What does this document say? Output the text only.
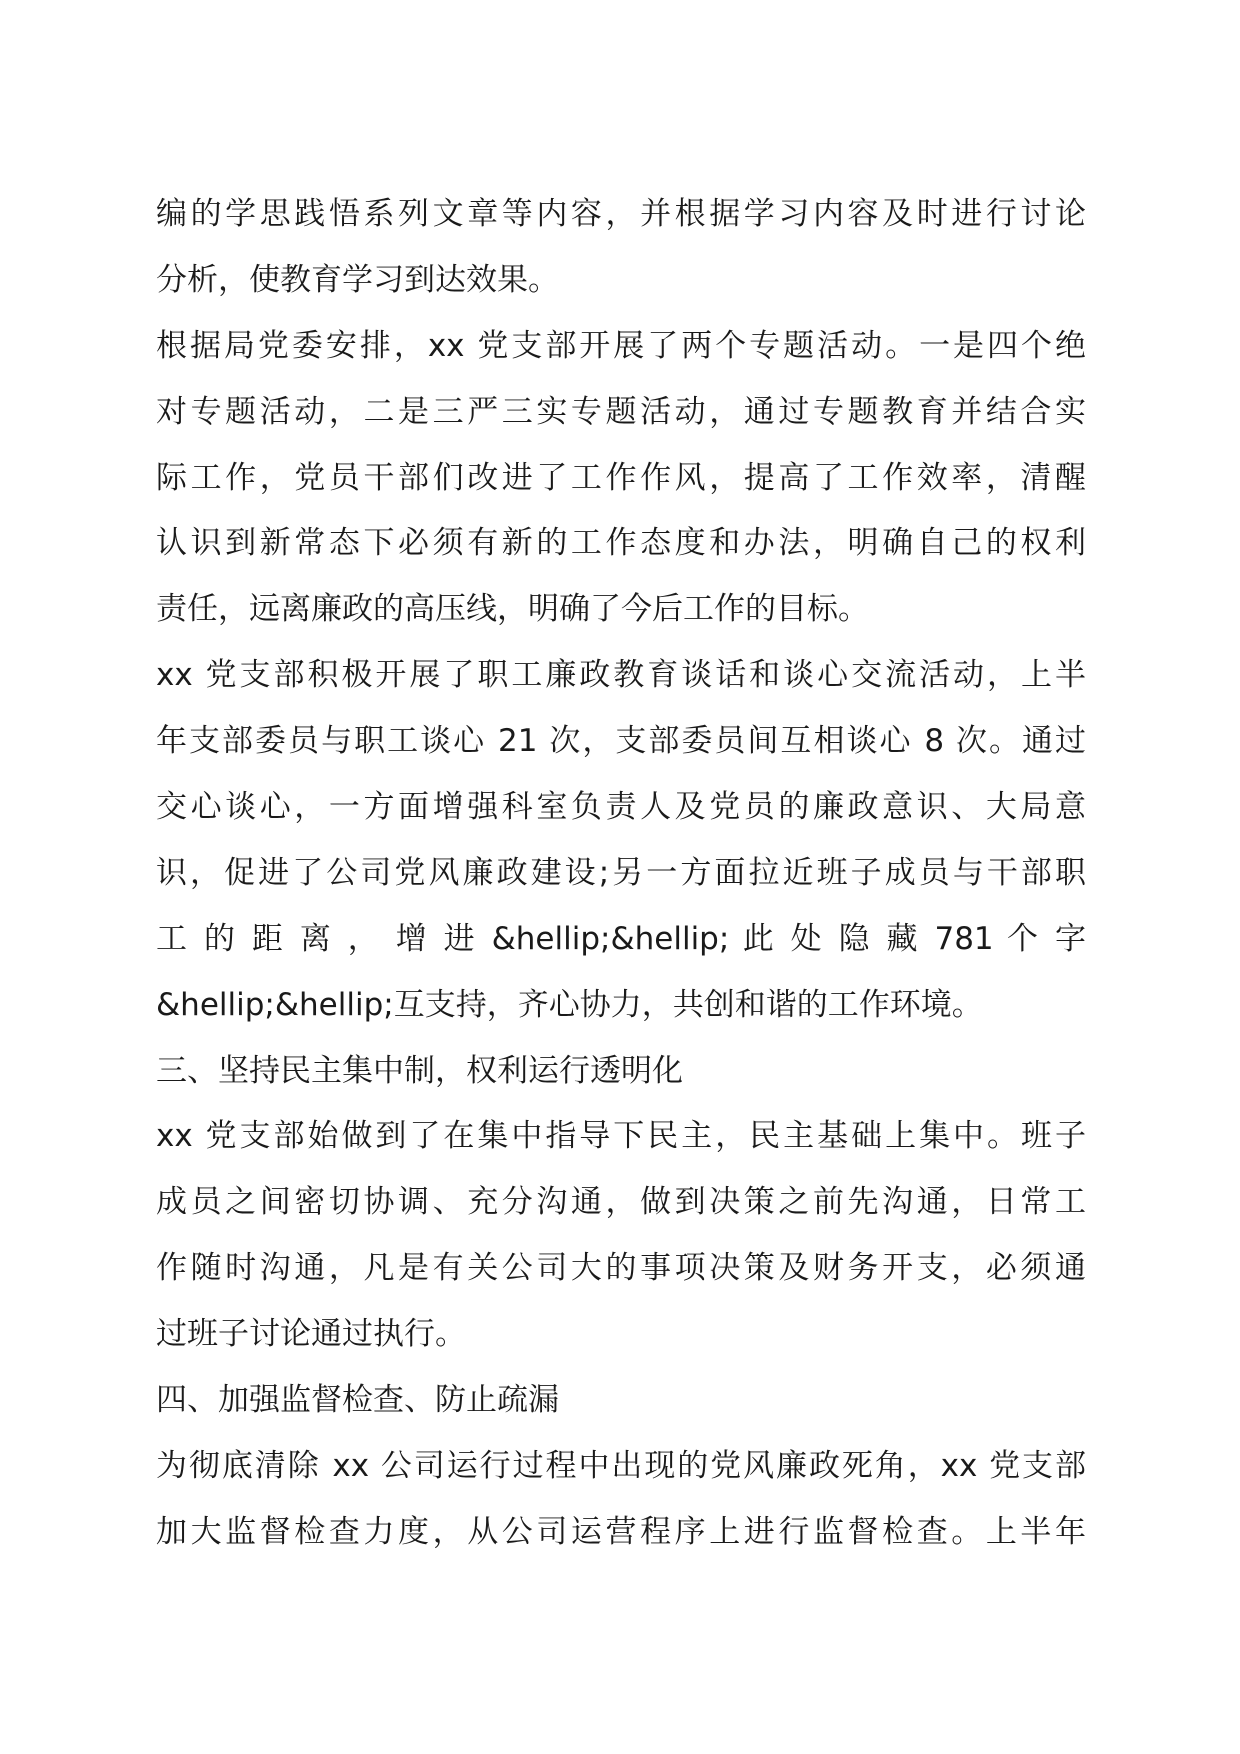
编的学思践悟系列文章等内容，并根据学习内容及时进行讨论
分析，使教育学习到达效果。
根据局党委安排，xx 党支部开展了两个专题活动。一是四个绝
对专题活动，二是三严三实专题活动，通过专题教育并结合实
际工作，党员干部们改进了工作作风，提高了工作效率，清醒
认识到新常态下必须有新的工作态度和办法，明确自己的权利
责任，远离廉政的高压线，明确了今后工作的目标。
xx 党支部积极开展了职工廉政教育谈话和谈心交流活动，上半
年支部委员与职工谈心 21 次，支部委员间互相谈心 8 次。通过
交心谈心，一方面增强科室负责人及党员的廉政意识、大局意
识，促进了公司党风廉政建设;另一方面拉近班子成员与干部职
工 的 距 离 ， 增 进 &hellip;&hellip; 此 处 隐 藏 781 个 字
&hellip;&hellip;互支持，齐心协力，共创和谐的工作环境。
三、坚持民主集中制，权利运行透明化
xx 党支部始做到了在集中指导下民主，民主基础上集中。班子
成员之间密切协调、充分沟通，做到决策之前先沟通，日常工
作随时沟通，凡是有关公司大的事项决策及财务开支，必须通
过班子讨论通过执行。
四、加强监督检查、防止疏漏
为彻底清除 xx 公司运行过程中出现的党风廉政死角，xx 党支部
加大监督检查力度，从公司运营程序上进行监督检查。上半年
